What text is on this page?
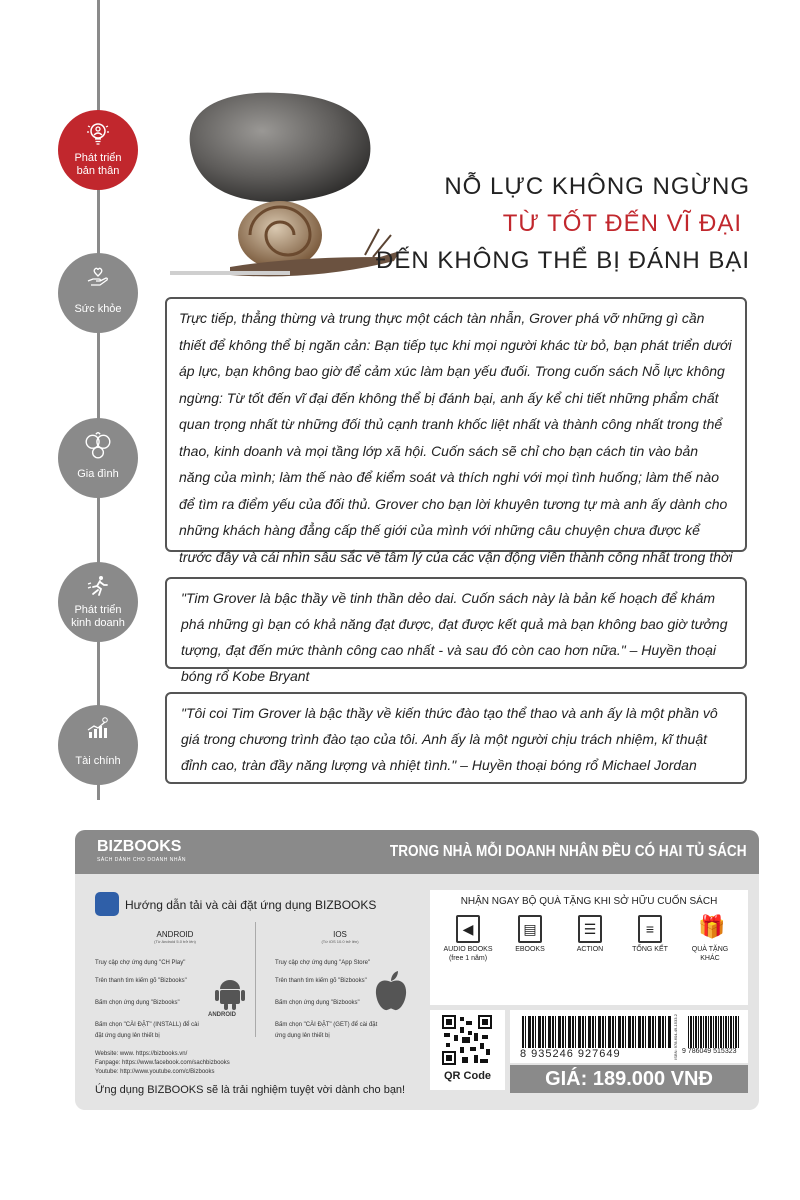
Phát triển
bản thân
Sức khỏe
Gia đình
Phát triển
kinh doanh
Tài chính
NỖ LỰC KHÔNG NGỪNG
TỪ TỐT ĐẾN VĨ ĐẠI
ĐẾN KHÔNG THỂ BỊ ĐÁNH BẠI
Trực tiếp, thẳng thừng và trung thực một cách tàn nhẫn, Grover phá vỡ những gì cần thiết để không thể bị ngăn cản: Bạn tiếp tục khi mọi người khác từ bỏ, bạn phát triển dưới áp lực, bạn không bao giờ để cảm xúc làm bạn yếu đuối. Trong cuốn sách Nỗ lực không ngừng: Từ tốt đến vĩ đại đến không thể bị đánh bại, anh ấy kể chi tiết những phẩm chất quan trọng nhất từ những đối thủ cạnh tranh khốc liệt nhất và thành công nhất trong thể thao, kinh doanh và mọi tầng lớp xã hội. Cuốn sách sẽ chỉ cho bạn cách tin vào bản năng của mình; làm thế nào để kiểm soát và thích nghi với mọi tình huống; làm thế nào để tìm ra điểm yếu của đối thủ. Grover cho bạn lời khuyên tương tự mà anh ấy dành cho những khách hàng đẳng cấp thế giới của mình với những câu chuyện chưa được kể trước đây và cái nhìn sâu sắc về tâm lý của các vận động viên thành công nhất trong thời
"Tim Grover là bậc thầy về tinh thần dẻo dai. Cuốn sách này là bản kế hoạch để khám phá những gì bạn có khả năng đạt được, đạt được kết quả mà bạn không bao giờ tưởng tượng, đạt đến mức thành công cao nhất - và sau đó còn cao hơn nữa." – Huyền thoại bóng rổ Kobe Bryant
"Tôi coi Tim Grover là bậc thầy về kiến thức đào tạo thể thao và anh ấy là một phần vô giá trong chương trình đào tạo của tôi. Anh ấy là một người chịu trách nhiệm, kĩ thuật đỉnh cao, tràn đầy năng lượng và nhiệt tình." – Huyền thoại bóng rổ Michael Jordan
BIZBOOKS
SÁCH DÀNH CHO DOANH NHÂN	TRONG NHÀ MỖI DOANH NHÂN ĐỀU CÓ HAI TỦ SÁCH
Hướng dẫn tải và cài đặt ứng dụng BIZBOOKS
ANDROID
(Từ Android 5.0 trở lên)
Truy cập chợ ứng dụng "CH Play"
Trên thanh tìm kiếm gõ "Bizbooks"
Bấm chọn ứng dụng "Bizbooks"
Bấm chọn "CÀI ĐẶT" (INSTALL) để cài đặt ứng dụng lên thiết bị
ANDROID
IOS
(Từ iOS 10.0 trở lên)
Truy cập chợ ứng dụng "App Store"
Trên thanh tìm kiếm gõ "Bizbooks"
Bấm chọn ứng dụng "Bizbooks"
Bấm chọn "CÀI ĐẶT" (GET) để cài đặt ứng dụng lên thiết bị
Website: www. https://bizbooks.vn/
Fanpage: https://www.facebook.com/sachbizbooks
Youtube: http://www.youtube.com/c/Bizbooks
Ứng dụng BIZBOOKS sẽ là trải nghiệm tuyệt vời dành cho bạn!
NHẬN NGAY BỘ QUÀ TẶNG KHI SỞ HỮU CUỐN SÁCH
◀
AUDIO BOOKS
(free 1 năm)
▤
EBOOKS
☰
ACTION
≡
TỔNG KẾT
🎁
QUÀ TẶNG
KHÁC
QR Code
8 935246 927649	ISBN: 978-604-49-1533-2 9 786049 515323
GIÁ: 189.000 VNĐ
